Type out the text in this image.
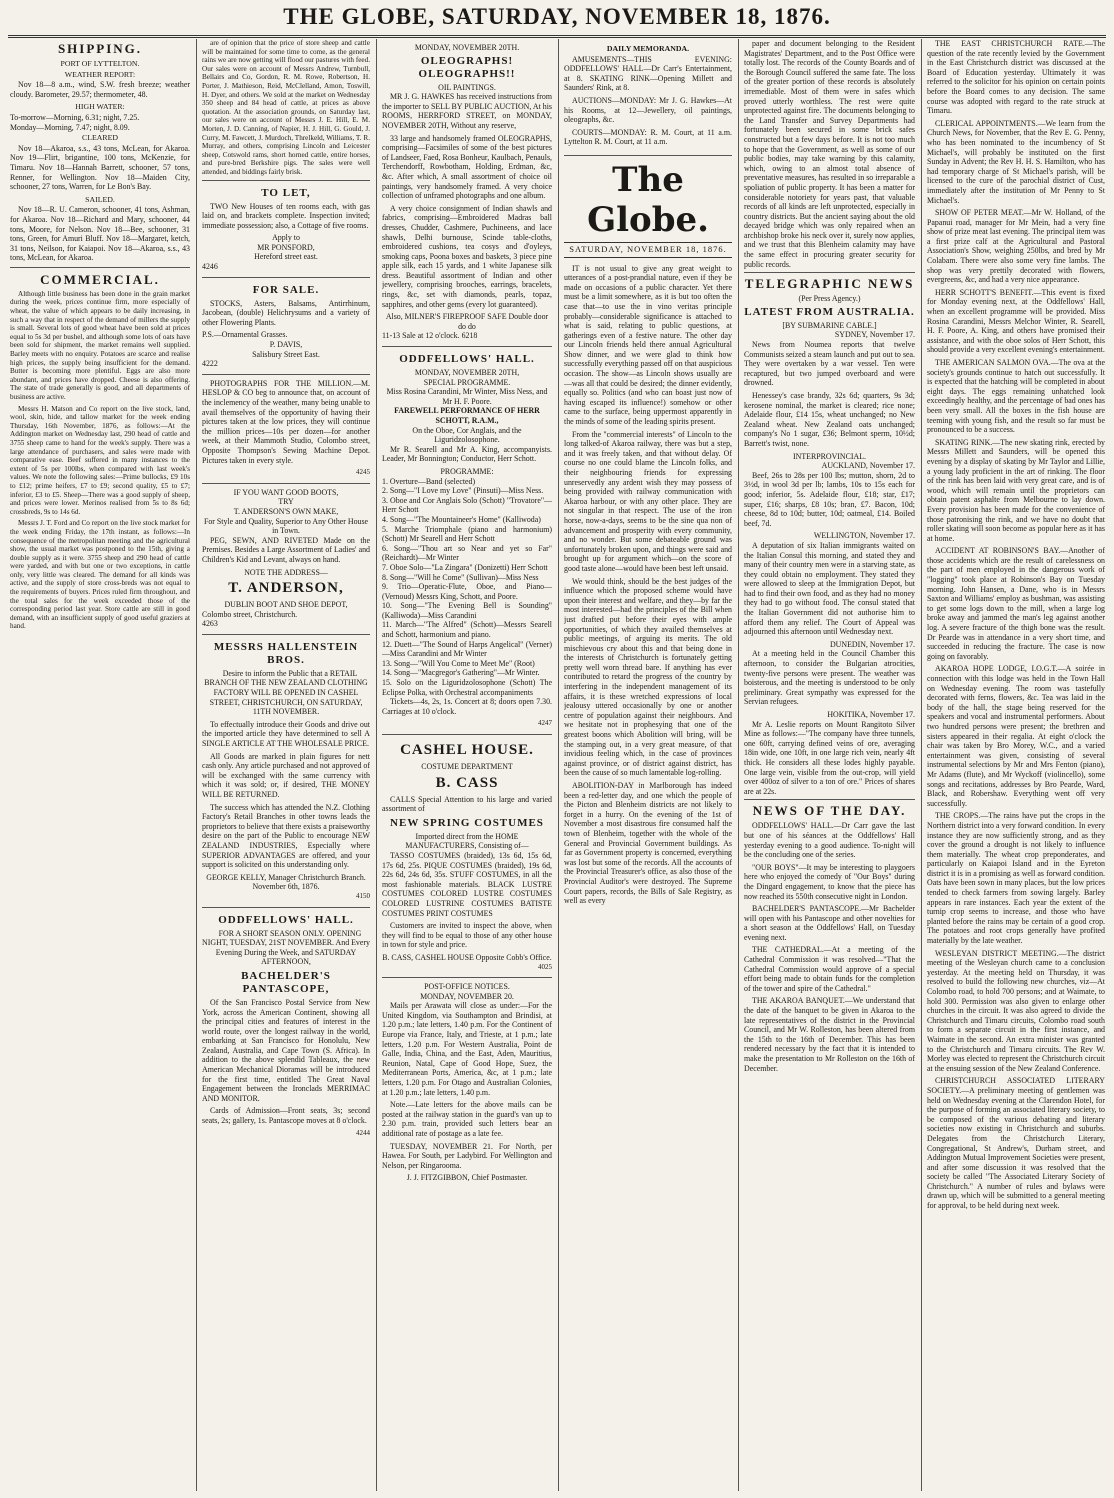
THE GLOBE, SATURDAY, NOVEMBER 18, 1876.
SHIPPING.
PORT OF LYTTELTON.
WEATHER REPORT:

Nov 18—8 a.m., wind, S.W. fresh breeze; weather cloudy. Barometer, 29.57; thermometer, 48.

HIGH WATER:

To-morrow—Morning, 6.31; night, 7.25.

Monday—Morning, 7.47; night, 8.09.

CLEARED

Nov 18—Akaroa, s.s., 43 tons, McLean, for Akaroa. Nov 19—Flirt, brigantine, 100 tons, McKenzie, for Timaru. Nov 18—Hannah Barrett, schooner, 57 tons, Renner, for Wellington. Nov 18—Maiden City, schooner, 27 tons, Warren, for Le Bon's Bay.

SAILED.

Nov 18—R. U. Cameron, schooner, 41 tons, Ashman, for Akaroa. Nov 18—Richard and Mary, schooner, 44 tons, Moore, for Nelson. Nov 18—Bee, schooner, 31 tons, Green, for Amuri Bluff. Nov 18—Margaret, ketch, 31 tons, Neilson, for Kaiapoi. Nov 18—Akaroa, s.s., 43 tons, McLean, for Akaroa.

COMMERCIAL.

Although little business has been done in the grain market during the week, prices continue firm, more especially of wheat, the value of which appears to be daily increasing, in such a way that in respect of the demand of millers the supply is small. Several lots of good wheat have been sold at prices equal to 5s 3d per bushel, and although some lots of oats have been sold for shipment, the market remains well supplied. Barley meets with no enquiry. Potatoes are scarce and realise high prices, the supply being insufficient for the demand. Butter is becoming more plentiful. Eggs are also more abundant, and prices have dropped. Cheese is also offering. The state of trade generally is good, and all departments of business are active.

Messrs H. Matson and Co report on the live stock, land, wool, skin, hide, and tallow market for the week ending Thursday, 16th November, 1876, as follows:—At the Addington market on Wednesday last, 290 head of cattle and 3755 sheep came to hand for the week's supply. There was a large attendance of purchasers, and sales were made with comparative ease. Beef suffered in many instances to the extent of 5s per 100lbs, when compared with last week's values. We note the following sales:—Prime bullocks, £9 10s to £12; prime heifers, £7 to £9; second quality, £5 to £7; inferior, £3 to £5. Sheep—There was a good supply of sheep, and prices were lower. Merinos realised from 5s to 8s 6d; crossbreds, 9s to 14s 6d.

Messrs J. T. Ford and Co report on the live stock market for the week ending Friday, the 17th instant, as follows:—In consequence of the metropolitan meeting and the agricultural show, the usual market was postponed to the 15th, giving a double supply as it were. 3755 sheep and 290 head of cattle were yarded, and with but one or two exceptions, in cattle only, very little was cleared. The demand for all kinds was active, and the supply of store cross-breds was not equal to the requirements of buyers. Prices ruled firm throughout, and the total sales for the week exceeded those of the corresponding period last year. Store cattle are still in good demand, with an insufficient supply of good useful graziers at hand.

are of opinion that the price of store sheep and cattle will be maintained for some time to come, as the general rains we are now getting will flood our pastures with feed. Our sales were on account of Messrs Andrew, Turnbull, Bellairs and Co, Gordon, R. M. Rowe, Robertson, H. Porter, J. Mathieson, Reid, McClelland, Amon, Toswill, H. Dyer, and others. We sold at the market on Wednesday 350 sheep and 84 head of cattle, at prices as above quotation. At the association grounds, on Saturday last, our sales were on account of Messrs J. E. Hill, E. M. Morten, J. D. Canning, of Napier, H. J. Hill, G. Gould, J. Curry, M. Fawcett, J. Murdoch, Threlkeld, Williams, T. R. Murray, and others, comprising Lincoln and Leicester sheep, Cotswold rams, short horned cattle, entire horses, and pure-bred Berkshire pigs. The sales were well attended, and biddings fairly brisk.

TO LET,

TWO New Houses of ten rooms each, with gas laid on, and brackets complete. Inspection invited; immediate possession; also, a Cottage of five rooms.

Apply to

MR PONSFORD,

Hereford street east.

4246

FOR SALE.

STOCKS, Asters, Balsams, Antirrhinum, Jacobean, (double) Helichrysums and a variety of other Flowering Plants.

P.S.—Ornamental Grasses.

P. DAVIS,

Salisbury Street East.

4222

PHOTOGRAPHS FOR THE MILLION.—M. HESLOP & CO beg to announce that, on account of the inclemency of the weather, many being unable to avail themselves of the opportunity of having their pictures taken at the low prices, they will continue the million prices—10s per dozen—for another week, at their Mammoth Studio, Colombo street, Opposite Thompson's Sewing Machine Depot. Pictures taken in every style.

4245

IF YOU WANT GOOD BOOTS,

TRY

T. ANDERSON'S OWN MAKE,

For Style and Quality, Superior to Any Other House in Town.

PEG, SEWN, AND RIVETED Made on the Premises. Besides a Large Assortment of Ladies' and Children's Kid and Levant, always on hand.

NOTE THE ADDRESS—

T. ANDERSON,

DUBLIN BOOT AND SHOE DEPOT,

Colombo street, Christchurch.

4263

MESSRS HALLENSTEIN BROS.

Desire to inform the Public that a RETAIL BRANCH OF THE NEW ZEALAND CLOTHING FACTORY WILL BE OPENED IN CASHEL STREET, CHRISTCHURCH, ON SATURDAY, 11TH NOVEMBER.

To effectually introduce their Goods and drive out the imported article they have determined to sell A SINGLE ARTICLE AT THE WHOLESALE PRICE.

All Goods are marked in plain figures for nett cash only. Any article purchased and not approved of will be exchanged with the same currency with which it was sold; or, if desired, THE MONEY WILL BE RETURNED.

The success which has attended the N.Z. Clothing Factory's Retail Branches in other towns leads the proprietors to believe that there exists a praiseworthy desire on the part of the Public to encourage NEW ZEALAND INDUSTRIES, Especially where SUPERIOR ADVANTAGES are offered, and your support is solicited on this understanding only.

GEORGE KELLY, Manager Christchurch Branch. November 6th, 1876.

4150

ODDFELLOWS' HALL.

FOR A SHORT SEASON ONLY. OPENING NIGHT, TUESDAY, 21ST NOVEMBER. And Every Evening During the Week, and SATURDAY AFTERNOON,

BACHELDER'S PANTASCOPE,

Of the San Francisco Postal Service from New York, across the American Continent, showing all the principal cities and features of interest in the world route, over the longest railway in the world, embarking at San Francisco for Honolulu, New Zealand, Australia, and Cape Town (S. Africa). In addition to the above splendid Tableaux, the new American Mechanical Dioramas will be introduced for the first time, entitled The Great Naval Engagement between the Ironclads MERRIMAC AND MONITOR.

Cards of Admission—Front seats, 3s; second seats, 2s; gallery, 1s. Pantascope moves at 8 o'clock.

4244

MONDAY, NOVEMBER 20TH.

OLEOGRAPHS! OLEOGRAPHS!!

OIL PAINTINGS.

MR J. G. HAWKES has received instructions from the importer to SELL BY PUBLIC AUCTION, At his ROOMS, HERRFORD STREET, on MONDAY, NOVEMBER 20TH, Without any reserve,

33 large and handsomely framed OLEOGRAPHS, comprising—Facsimiles of some of the best pictures of Landseer, Faed, Rosa Bonheur, Kaulbach, Penauls, Terchendorff, Rowbotham, Holding, Erdman, &c, &c. After which, A small assortment of choice oil paintings, very handsomely framed. A very choice collection of unframed photographs and one album.

A very choice consignment of Indian shawls and fabrics, comprising—Embroidered Madras ball dresses, Chudder, Cashmere, Puchineens, and lace shawls, Delhi burnouse, Scinde table-cloths, embroidered cushions, tea cosys and d'oyleys, smoking caps, Poona boxes and baskets, 3 piece pine apple silk, each 15 yards, and 1 white Japanese silk dress. Beautiful assortment of Indian and other jewellery, comprising brooches, earrings, bracelets, rings, &c, set with diamonds, pearls, topaz, sapphires, and other gems (every lot guaranteed).

Also, MILNER'S FIREPROOF SAFE Double door do do

11-13 Sale at 12 o'clock. 6218

ODDFELLOWS' HALL.

MONDAY, NOVEMBER 20TH,

SPECIAL PROGRAMME.

Miss Rosina Carandini, Mr Winter, Miss Ness, and Mr H. F. Poore.

FAREWELL PERFORMANCE OF HERR SCHOTT, R.A.M.,

On the Oboe, Cor Anglais, and the Liguridzolosophone.

Mr R. Searell and Mr A. King, accompanyists. Leader, Mr Bonnington; Conductor, Herr Schott.

PROGRAMME:

1. Overture—Band (selected)

2. Song—"I Love my Love" (Pinsuti)—Miss Ness.

3. Oboe and Cor Anglais Solo (Schott) "Trovatore"—Herr Schott

4. Song—"The Mountaineer's Home" (Kalliwoda)

5. Marche Triomphale (piano and harmonium) (Schott) Mr Searell and Herr Schott

6. Song—"Thou art so Near and yet so Far" (Reichardt)—Mr Winter

7. Oboe Solo—"La Zingara" (Donizetti) Herr Schott

8. Song—"Will he Come" (Sullivan)—Miss Ness

9. Trio—Operatic-Flute, Oboe, and Piano—(Vernoud) Messrs King, Schott, and Poore.

10. Song—"The Evening Bell is Sounding" (Kalliwoda)—Miss Carandini

11. March—"The Alfred" (Schott)—Messrs Searell and Schott, harmonium and piano.

12. Duett—"The Sound of Harps Angelical" (Verner)—Miss Carandini and Mr Winter

13. Song—"Will You Come to Meet Me" (Root)

14. Song—"Macgregor's Gathering"—Mr Winter.

15. Solo on the Liguridzolosophone (Schott) The Eclipse Polka, with Orchestral accompaniments

Tickets—4s, 2s, 1s. Concert at 8; doors open 7.30. Carriages at 10 o'clock.

4247

CASHEL HOUSE.

COSTUME DEPARTMENT

B. CASS

CALLS Special Attention to his large and varied assortment of

NEW SPRING COSTUMES

Imported direct from the HOME MANUFACTURERS, Consisting of—

TASSO COSTUMES (braided), 13s 6d, 15s 6d, 17s 6d, 25s. PIQUE COSTUMES (braided), 19s 6d, 22s 6d, 24s 6d, 35s. STUFF COSTUMES, in all the most fashionable materials. BLACK LUSTRE COSTUMES COLORED LUSTRE COSTUMES COLORED LUSTRINE COSTUMES BATISTE COSTUMES PRINT COSTUMES

Customers are invited to inspect the above, when they will find to be equal to those of any other house in town for style and price.

B. CASS, CASHEL HOUSE Opposite Cobb's Office.

4025

POST-OFFICE NOTICES.

MONDAY, NOVEMBER 20.

Mails per Arawata will close as under:—For the United Kingdom, via Southampton and Brindisi, at 1.20 p.m.; late letters, 1.40 p.m. For the Continent of Europe via France, Italy, and Trieste, at 1 p.m.; late letters, 1.20 p.m. For Western Australia, Point de Galle, India, China, and the East, Aden, Mauritius, Reunion, Natal, Cape of Good Hope, Suez, the Mediterranean Ports, America, &c, at 1 p.m.; late letters, 1.20 p.m. For Otago and Australian Colonies, at 1.20 p.m.; late letters, 1.40 p.m.

Note.—Late letters for the above mails can be posted at the railway station in the guard's van up to 2.30 p.m. train, provided such letters bear an additional rate of postage as a late fee.

TUESDAY, NOVEMBER 21. For North, per Hawea. For South, per Ladybird. For Wellington and Nelson, per Ringarooma.

J. J. FITZGIBBON, Chief Postmaster.

DAILY MEMORANDA.

AMUSEMENTS—THIS EVENING: ODDFELLOWS' HALL—Dr Carr's Entertainment, at 8. SKATING RINK—Opening Millett and Saunders' Rink, at 8.

AUCTIONS—MONDAY: Mr J. G. Hawkes—At his Rooms, at 12—Jewellery, oil paintings, oleographs, &c.

COURTS—MONDAY: R. M. Court, at 11 a.m. Lyttelton R. M. Court, at 11 a.m.

The Globe.
SATURDAY, NOVEMBER 18, 1876.

IT is not usual to give any great weight to utterances of a post-prandial nature, even if they be made on occasions of a public character. Yet there must be a limit somewhere, as it is but too often the case that—to use the in vino veritas principle probably—considerable significance is attached to what is said, relating to public questions, at gatherings even of a festive nature. The other day our Lincoln friends held there annual Agricultural Show dinner, and we were glad to think how successfully everything passed off on that auspicious occasion. The show—as Lincoln shows usually are—was all that could be desired; the dinner evidently, equally so. Politics (and who can boast just now of having escaped its influence!) somehow or other came to the surface, being uppermost apparently in the minds of some of the leading spirits present.

From the "commercial interests" of Lincoln to the long talked-of Akaroa railway, there was but a step, and it was freely taken, and that without delay. Of course no one could blame the Lincoln folks, and their neighbouring friends for expressing unreservedly any ardent wish they may possess of being provided with railway communication with Akaroa harbour, or with any other place. They are not singular in that respect. The use of the iron horse, now-a-days, seems to be the sine qua non of advancement and prosperity with every community, and no wonder. But some debateable ground was unfortunately broken upon, and things were said and brought up for argument which—on the score of good taste alone—would have been best left unsaid.

We would think, should be the best judges of the influence which the proposed scheme would have upon their interest and welfare, and they—by far the most interested—had the principles of the Bill when just drafted put before their eyes with ample opportunities, of which they availed themselves at public meetings, of arguing its merits. The old mischievous cry about this and that being done in the interests of Christchurch is fortunately getting pretty well worn thread bare. If anything has ever contributed to retard the progress of the country by interfering in the independent management of its affairs, it is these wretched expressions of local jealousy uttered occasionally by one or another centre of population against their neighbours. And we hesitate not in prophesying that one of the greatest boons which Abolition will bring, will be the stamping out, in a very great measure, of that invidious feeling which, in the case of provinces against province, or of district against district, has been the cause of so much lamentable log-rolling.

ABOLITION-DAY in Marlborough has indeed been a red-letter day, and one which the people of the Picton and Blenheim districts are not likely to forget in a hurry. On the evening of the 1st of November a most disastrous fire consumed half the town of Blenheim, together with the whole of the General and Provincial Government buildings. As far as Government property is concerned, everything was lost but some of the records. All the accounts of the Provincial Treasurer's office, as also those of the Provincial Auditor's were destroyed. The Supreme Court papers, records, the Bills of Sale Registry, as well as every

paper and document belonging to the Resident Magistrates' Department, and to the Post Office were totally lost. The records of the County Boards and of the Borough Council suffered the same fate. The loss of the greater portion of these records is absolutely irremediable. Most of them were in safes which proved utterly worthless. The rest were quite unprotected against fire. The documents belonging to the Land Transfer and Survey Departments had fortunately been secured in some brick safes constructed but a few days before. It is not too much to hope that the Government, as well as some of our public bodies, may take warning by this calamity, which, owing to an almost total absence of preventative measures, has resulted in so irreparable a spoliation of public property. It has been a matter for considerable notoriety for years past, that valuable records of all kinds are left unprotected, especially in country districts. But the ancient saying about the old decayed bridge which was only repaired when an archbishop broke his neck over it, surely now applies, and we trust that this Blenheim calamity may have the same effect in procuring greater security for public records.

TELEGRAPHIC NEWS

(Per Press Agency.)

LATEST FROM AUSTRALIA.

[BY SUBMARINE CABLE.]

SYDNEY, November 17.

News from Noumea reports that twelve Communists seized a steam launch and put out to sea. They were overtaken by a war vessel. Ten were recaptured, but two jumped overboard and were drowned.

Henessey's case brandy, 32s 6d; quarters, 9s 3d; kerosene nominal, the market is cleared; rice none; Adelaide flour, £14 15s, wheat unchanged; no New Zealand wheat. New Zealand oats unchanged; company's No 1 sugar, £36; Belmont sperm, 10½d; Barrett's twist, none.

INTERPROVINCIAL.

AUCKLAND, November 17.

Beef, 26s to 28s per 100 lbs; mutton, shorn, 2d to 3½d, in wool 3d per lb; lambs, 10s to 15s each for good; inferior, 5s. Adelaide flour, £18; star, £17; super, £16; sharps, £8 10s; bran, £7. Bacon, 10d; cheese, 8d to 10d; butter, 10d; oatmeal, £14. Boiled beef, 7d.

WELLINGTON, November 17.

A deputation of six Italian immigrants waited on the Italian Consul this morning, and stated they and many of their country men were in a starving state, as they could obtain no employment. They stated they were allowed to sleep at the Immigration Depot, but had to find their own food, and as they had no money they had to go without food. The consul stated that the Italian Government did not authorise him to afford them any relief. The Court of Appeal was adjourned this afternoon until Wednesday next.

DUNEDIN, November 17.

At a meeting held in the Council Chamber this afternoon, to consider the Bulgarian atrocities, twenty-five persons were present. The weather was boisterous, and the meeting is understood to be only preliminary. Great sympathy was expressed for the Servian refugees.

HOKITIKA, November 17.

Mr A. Leslie reports on Mount Rangitoto Silver Mine as follows:—"The company have three tunnels, one 60ft, carrying defined veins of ore, averaging 18in wide, one 10ft, in one large rich vein, nearly 4ft thick. He considers all these lodes highly payable. One large vein, visible from the out-crop, will yield over 400oz of silver to a ton of ore." Prices of shares are at 22s.

NEWS OF THE DAY.

ODDFELLOWS' HALL.—Dr Carr gave the last but one of his séances at the Oddfellows' Hall yesterday evening to a good audience. To-night will be the concluding one of the series.

"OUR BOYS"—It may be interesting to playgoers here who enjoyed the comedy of "Our Boys" during the Dingard engagement, to know that the piece has now reached its 550th consecutive night in London.

BACHELDER'S PANTASCOPE.—Mr Bachelder will open with his Pantascope and other novelties for a short season at the Oddfellows' Hall, on Tuesday evening next.

THE CATHEDRAL.—At a meeting of the Cathedral Commission it was resolved—"That the Cathedral Commission would approve of a special effort being made to obtain funds for the completion of the tower and spire of the Cathedral."

THE AKAROA BANQUET.—We understand that the date of the banquet to be given in Akaroa to the late representatives of the district in the Provincial Council, and Mr W. Rolleston, has been altered from the 15th to the 16th of December. This has been rendered necessary by the fact that it is intended to make the presentation to Mr Rolleston on the 16th of December.

THE EAST CHRISTCHURCH RATE.—The question of the rate recently levied by the Government in the East Christchurch district was discussed at the Board of Education yesterday. Ultimately it was referred to the solicitor for his opinion on certain points before the Board comes to any decision. The same course was adopted with regard to the rate struck at Timaru.

CLERICAL APPOINTMENTS.—We learn from the Church News, for November, that the Rev E. G. Penny, who has been nominated to the incumbency of St Michael's, will probably be instituted on the first Sunday in Advent; the Rev H. H. S. Hamilton, who has had temporary charge of St Michael's parish, will be licensed to the cure of the parochial district of Cust, immediately after the institution of Mr Penny to St Michael's.

SHOW OF PETER MEAT.—Mr W. Holland, of the Papanui road, manager for Mr Mein, had a very fine show of prize meat last evening. The principal item was a first prize calf at the Agricultural and Pastoral Association's Show, weighing 250lbs, and bred by Mr Colabam. There were also some very fine lambs. The shop was very prettily decorated with flowers, evergreens, &c, and had a very nice appearance.

HERR SCHOTT'S BENEFIT.—This event is fixed for Monday evening next, at the Oddfellows' Hall, when an excellent programme will be provided. Miss Rosina Carandini, Messrs Melchor Winter, R. Searell, H. F. Poore, A. King, and others have promised their assistance, and with the oboe solos of Herr Schott, this should provide a very excellent evening's entertainment.

THE AMERICAN SALMON OVA.—The ova at the society's grounds continue to hatch out successfully. It is expected that the hatching will be completed in about eight days. The eggs remaining unhatched look exceedingly healthy, and the percentage of bad ones has been very small. All the boxes in the fish house are teeming with young fish, and the result so far must be pronounced to be a success.

SKATING RINK.—The new skating rink, erected by Messrs Millett and Saunders, will be opened this evening by a display of skating by Mr Taylor and Lillie, a young lady proficient in the art of rinking. The floor of the rink has been laid with very great care, and is of wood, which will remain until the proprietors can obtain patent asphalte from Melbourne to lay down. Every provision has been made for the convenience of those patronising the rink, and we have no doubt that roller skating will soon become as popular here as it has at home.

ACCIDENT AT ROBINSON'S BAY.—Another of those accidents which are the result of carelessness on the part of men employed in the dangerous work of "logging" took place at Robinson's Bay on Tuesday morning. John Hansen, a Dane, who is in Messrs Saxton and Williams' employ as bushman, was assisting to get some logs down to the mill, when a large log broke away and jammed the man's leg against another log. A severe fracture of the thigh bone was the result. Dr Pearde was in attendance in a very short time, and succeeded in reducing the fracture. The case is now going on favorably.

AKAROA HOPE LODGE, I.O.G.T.—A soirée in connection with this lodge was held in the Town Hall on Wednesday evening. The room was tastefully decorated with ferns, flowers, &c. Tea was laid in the body of the hall, the stage being reserved for the speakers and vocal and instrumental performers. About two hundred persons were present; the brethren and sisters appeared in their regalia. At eight o'clock the chair was taken by Bro Morey, W.C., and a varied entertainment was given, consisting of several instrumental selections by Mr and Mrs Fenton (piano), Mr Adams (flute), and Mr Wyckoff (violincello), some songs and recitations, addresses by Bro Pearde, Ward, Black, and Robershaw. Everything went off very successfully.

THE CROPS.—The rains have put the crops in the Northern district into a very forward condition. In every instance they are now sufficiently strong, and as they cover the ground a drought is not likely to influence them materially. The wheat crop preponderates, and particularly on Kaiapoi Island and in the Eyreton district it is in a promising as well as forward condition. Oats have been sown in many places, but the low prices tended to check farmers from sowing largely. Barley appears in rare instances. Each year the extent of the turnip crop seems to increase, and those who have planted before the rains may be certain of a good crop. The potatoes and root crops generally have profited materially by the late weather.

WESLEYAN DISTRICT MEETING.—The district meeting of the Wesleyan church came to a conclusion yesterday. At the meeting held on Thursday, it was resolved to build the following new churches, viz—At Colombo road, to hold 700 persons; and at Waimate, to hold 300. Permission was also given to enlarge other churches in the circuit. It was also agreed to divide the Christchurch and Timaru circuits, Colombo road south to form a separate circuit in the first instance, and Waimate in the second. An extra minister was granted to the Christchurch and Timaru circuits. The Rev W. Morley was elected to represent the Christchurch circuit at the ensuing session of the New Zealand Conference.

CHRISTCHURCH ASSOCIATED LITERARY SOCIETY.—A preliminary meeting of gentlemen was held on Wednesday evening at the Clarendon Hotel, for the purpose of forming an associated literary society, to be composed of the various debating and literary societies now existing in Christchurch and suburbs. Delegates from the Christchurch Literary, Congregational, St Andrew's, Durham street, and Addington Mutual Improvement Societies were present, and after some discussion it was resolved that the society be called "The Associated Literary Society of Christchurch." A number of rules and bylaws were drawn up, which will be submitted to a general meeting for approval, to be held during next week.
